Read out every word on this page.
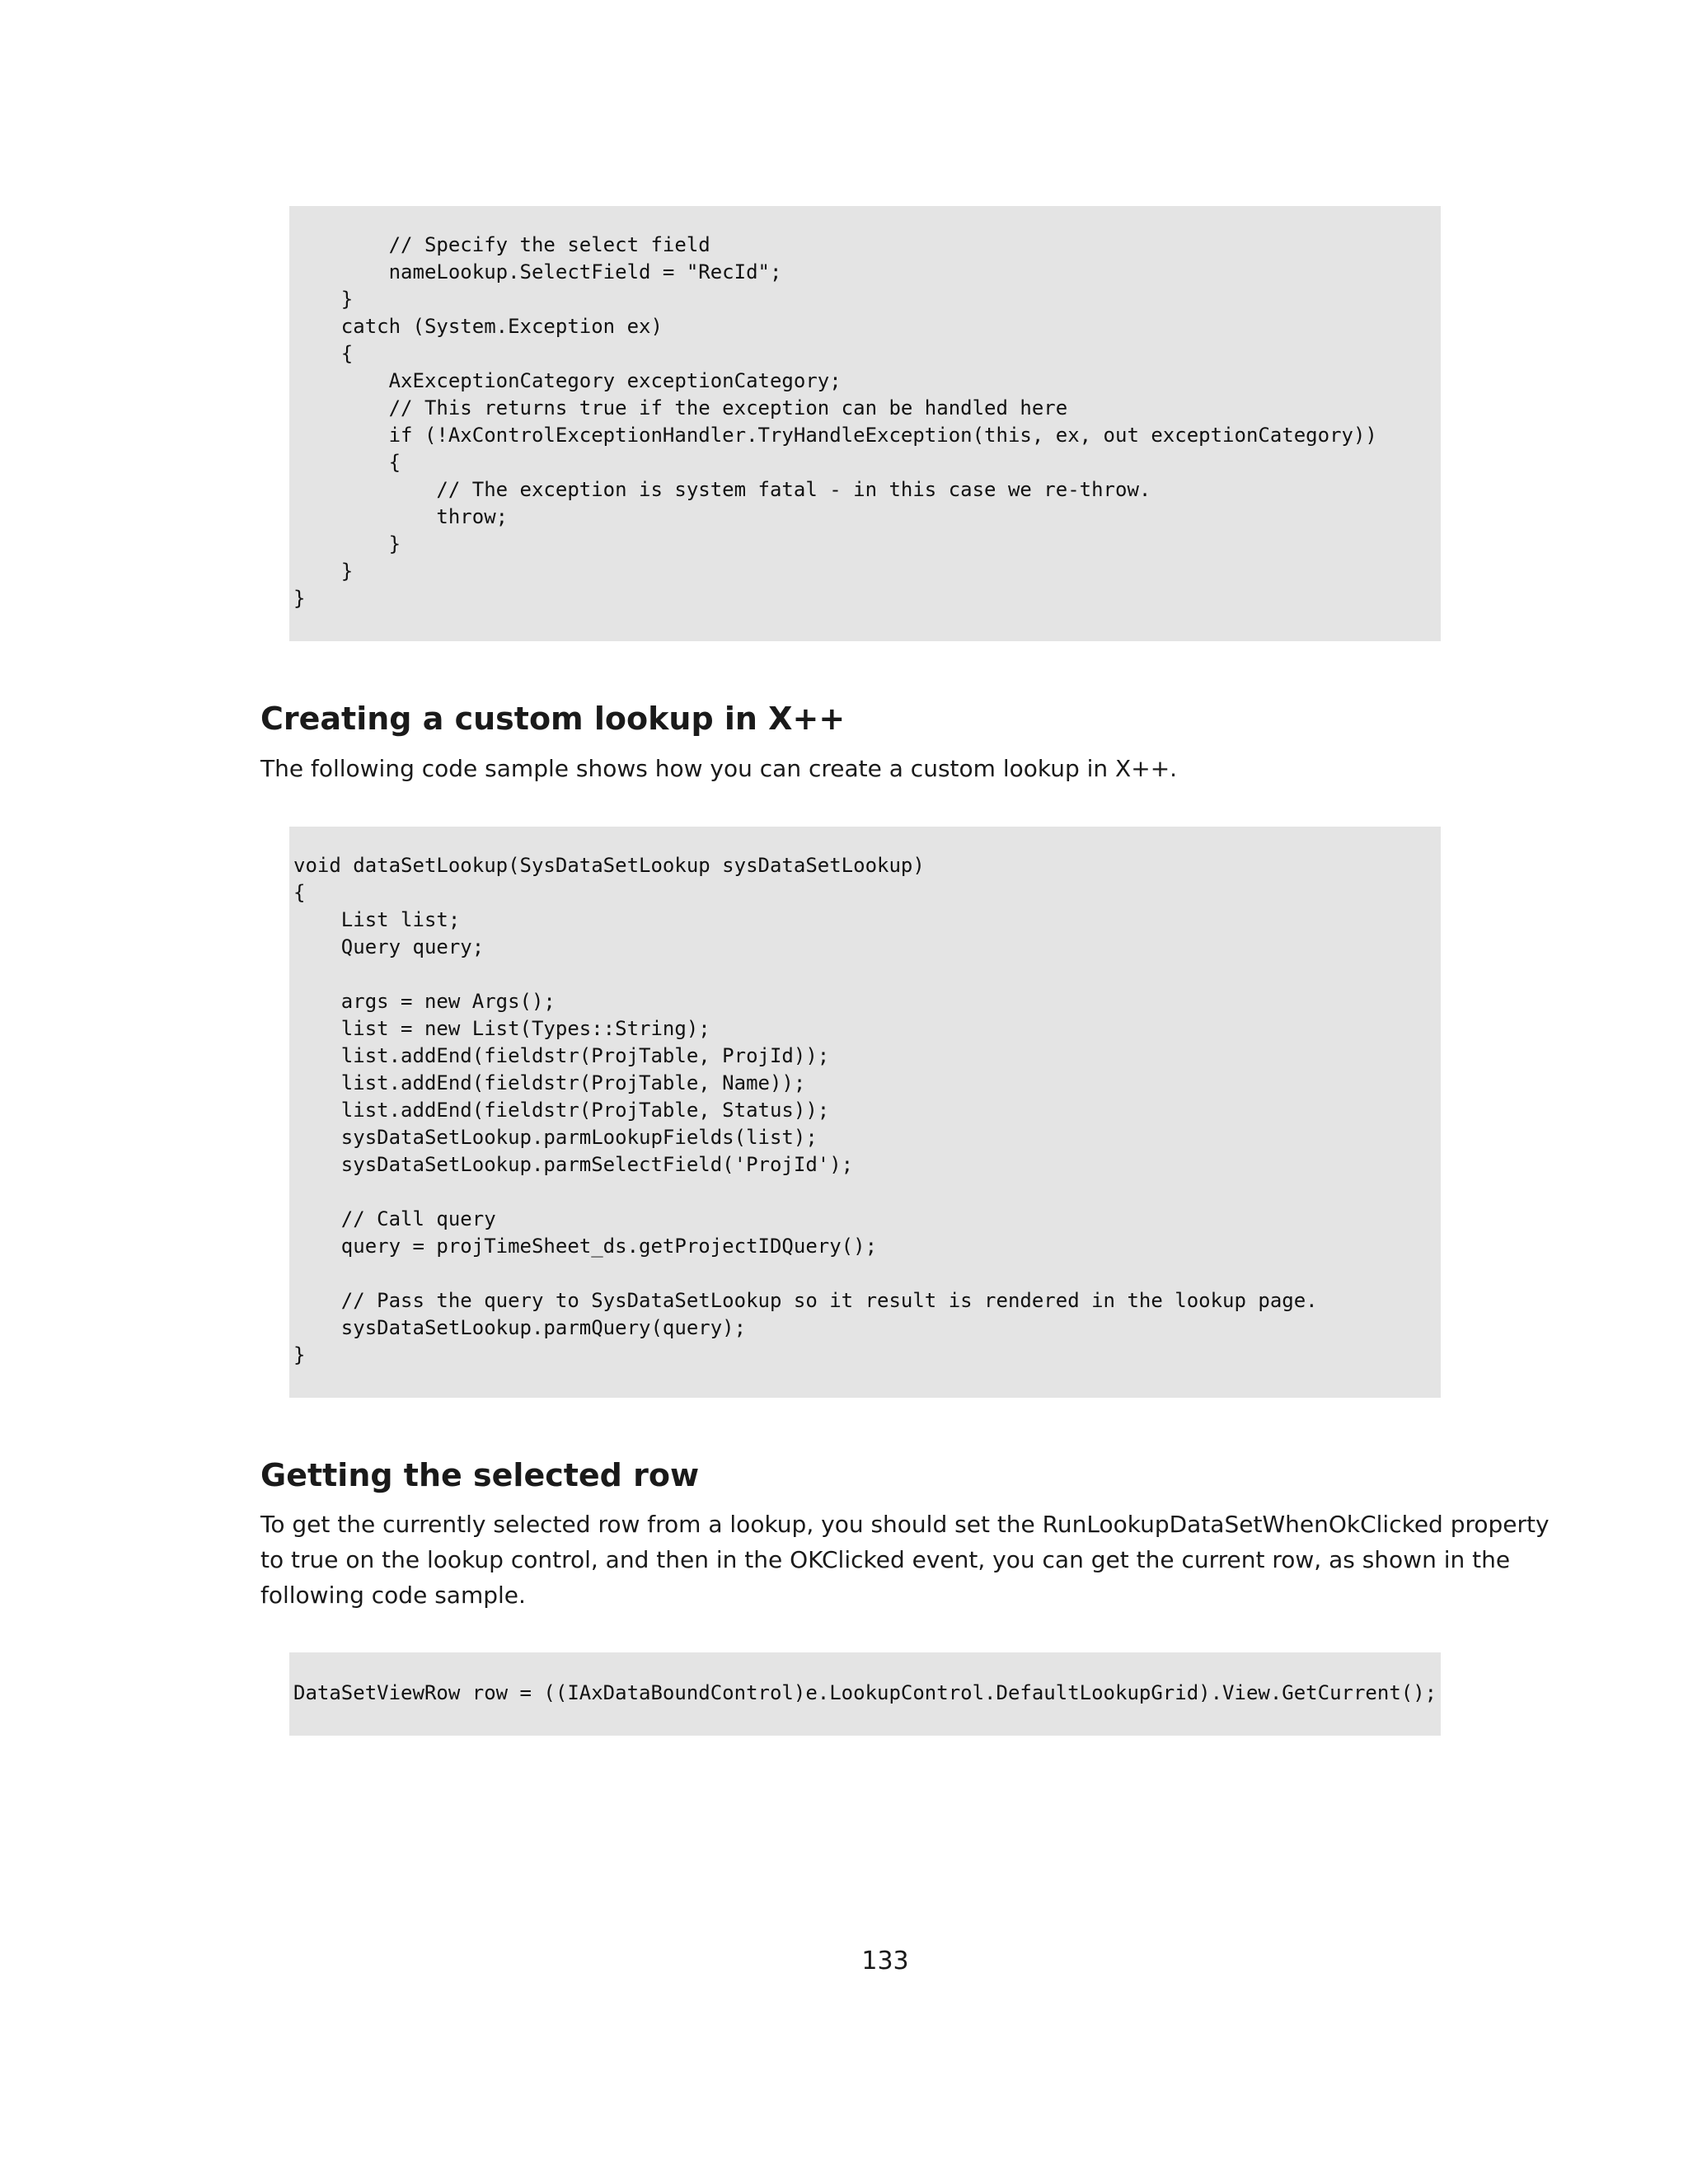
// Specify the select field
nameLookup.SelectField = "RecId";
}
catch (System.Exception ex)
{
AxExceptionCategory exceptionCategory;
// This returns true if the exception can be handled here
if (!AxControlExceptionHandler.TryHandleException(this, ex, out exceptionCategory))
{
// The exception is system fatal - in this case we re-throw.
throw;
}
}
}
Creating a custom lookup in X++

The following code sample shows how you can create a custom lookup in X++.

void dataSetLookup(SysDataSetLookup sysDataSetLookup)
{
List list;
Query query;

args = new Args();
list = new List(Types::String);
list.addEnd(fieldstr(ProjTable, ProjId));
list.addEnd(fieldstr(ProjTable, Name));
list.addEnd(fieldstr(ProjTable, Status));
sysDataSetLookup.parmLookupFields(list);
sysDataSetLookup.parmSelectField('ProjId');

// Call query
query = projTimeSheet_ds.getProjectIDQuery();

// Pass the query to SysDataSetLookup so it result is rendered in the lookup page.
sysDataSetLookup.parmQuery(query);
}
Getting the selected row

To get the currently selected row from a lookup, you should set the RunLookupDataSetWhenOkClicked property
to true on the lookup control, and then in the OKClicked event, you can get the current row, as shown in the
following code sample.

DataSetViewRow row = ((IAxDataBoundControl)e.LookupControl.DefaultLookupGrid).View.GetCurrent();
133
